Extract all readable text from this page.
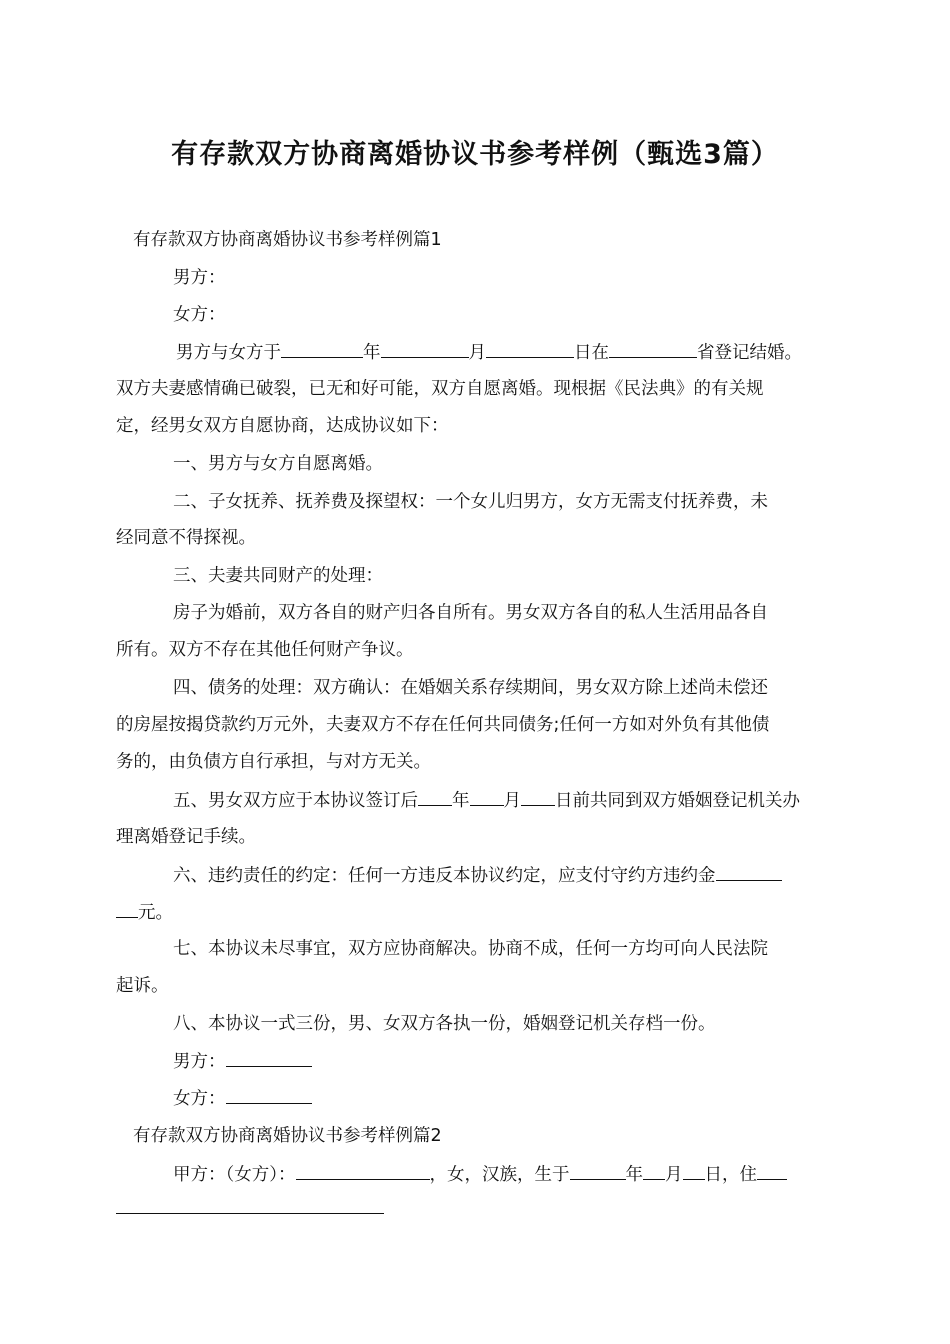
有存款双方协商离婚协议书参考样例（甄选3篇）
有存款双方协商离婚协议书参考样例篇1
男方：
女方：
男方与女方于	年	月	日在	省登记结婚。
双方夫妻感情确已破裂，已无和好可能，双方自愿离婚。现根据《民法典》的有关规
定，经男女双方自愿协商，达成协议如下：
一、男方与女方自愿离婚。
二、子女抚养、抚养费及探望权：一个女儿归男方，女方无需支付抚养费，未
经同意不得探视。
三、夫妻共同财产的处理：
房子为婚前，双方各自的财产归各自所有。男女双方各自的私人生活用品各自
所有。双方不存在其他任何财产争议。
四、债务的处理：双方确认：在婚姻关系存续期间，男女双方除上述尚未偿还
的房屋按揭贷款约万元外，夫妻双方不存在任何共同债务;任何一方如对外负有其他债
务的，由负债方自行承担，与对方无关。
五、男女双方应于本协议签订后 年 月 日前共同到双方婚姻登记机关办
理离婚登记手续。
六、违约责任的约定：任何一方违反本协议约定，应支付守约方违约金
元。
七、本协议未尽事宜，双方应协商解决。协商不成，任何一方均可向人民法院
起诉。
八、本协议一式三份，男、女双方各执一份，婚姻登记机关存档一份。
男方：
女方：
有存款双方协商离婚协议书参考样例篇2
甲方：（女方）：	，女，汉族，生于	年 月 日，住
